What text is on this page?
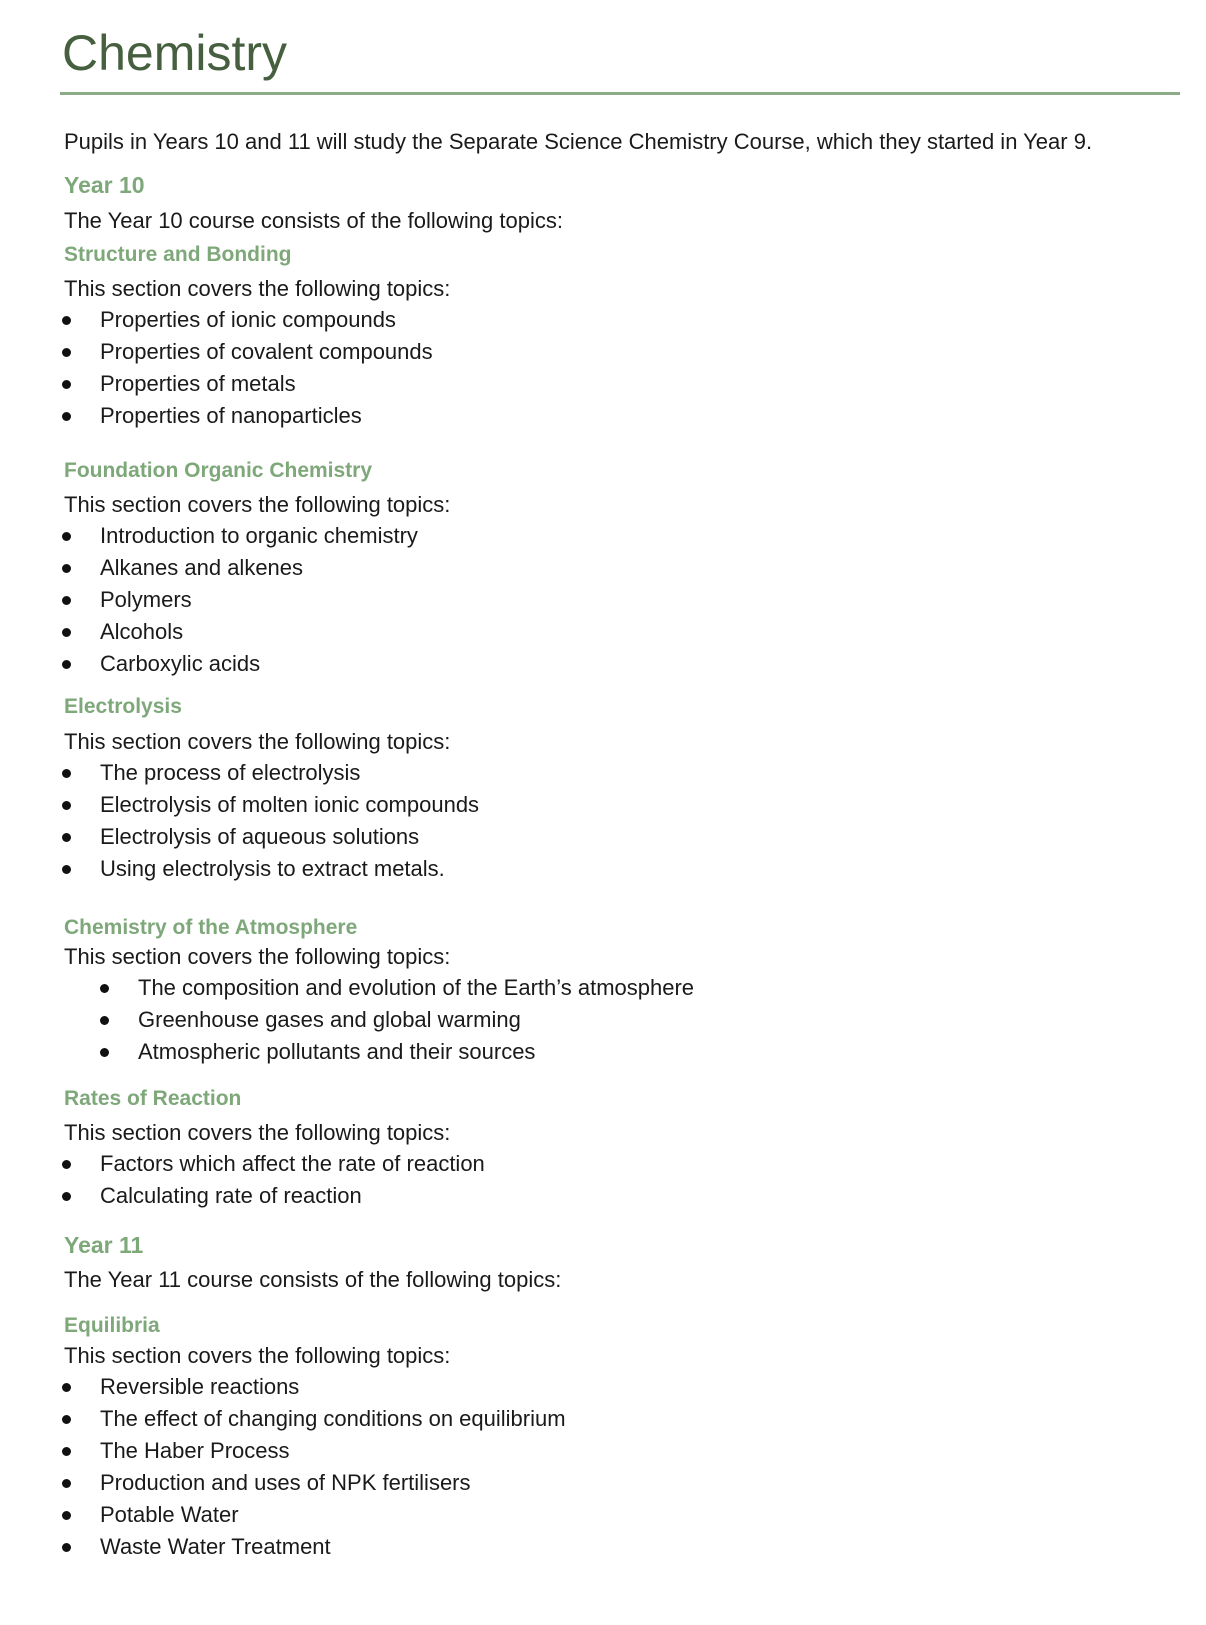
Chemistry

Pupils in Years 10 and 11 will study the Separate Science Chemistry Course, which they started in Year 9.

Year 10

The Year 10 course consists of the following topics:

Structure and Bonding

This section covers the following topics:

Properties of ionic compounds
Properties of covalent compounds
Properties of metals
Properties of nanoparticles
Foundation Organic Chemistry

This section covers the following topics:

Introduction to organic chemistry
Alkanes and alkenes
Polymers
Alcohols
Carboxylic acids
Electrolysis

This section covers the following topics:

The process of electrolysis
Electrolysis of molten ionic compounds
Electrolysis of aqueous solutions
Using electrolysis to extract metals.
Chemistry of the Atmosphere

This section covers the following topics:

The composition and evolution of the Earth’s atmosphere
Greenhouse gases and global warming
Atmospheric pollutants and their sources
Rates of Reaction

This section covers the following topics:

Factors which affect the rate of reaction
Calculating rate of reaction
Year 11

The Year 11 course consists of the following topics:

Equilibria

This section covers the following topics:

Reversible reactions
The effect of changing conditions on equilibrium
The Haber Process
Production and uses of NPK fertilisers
Potable Water
Waste Water Treatment
